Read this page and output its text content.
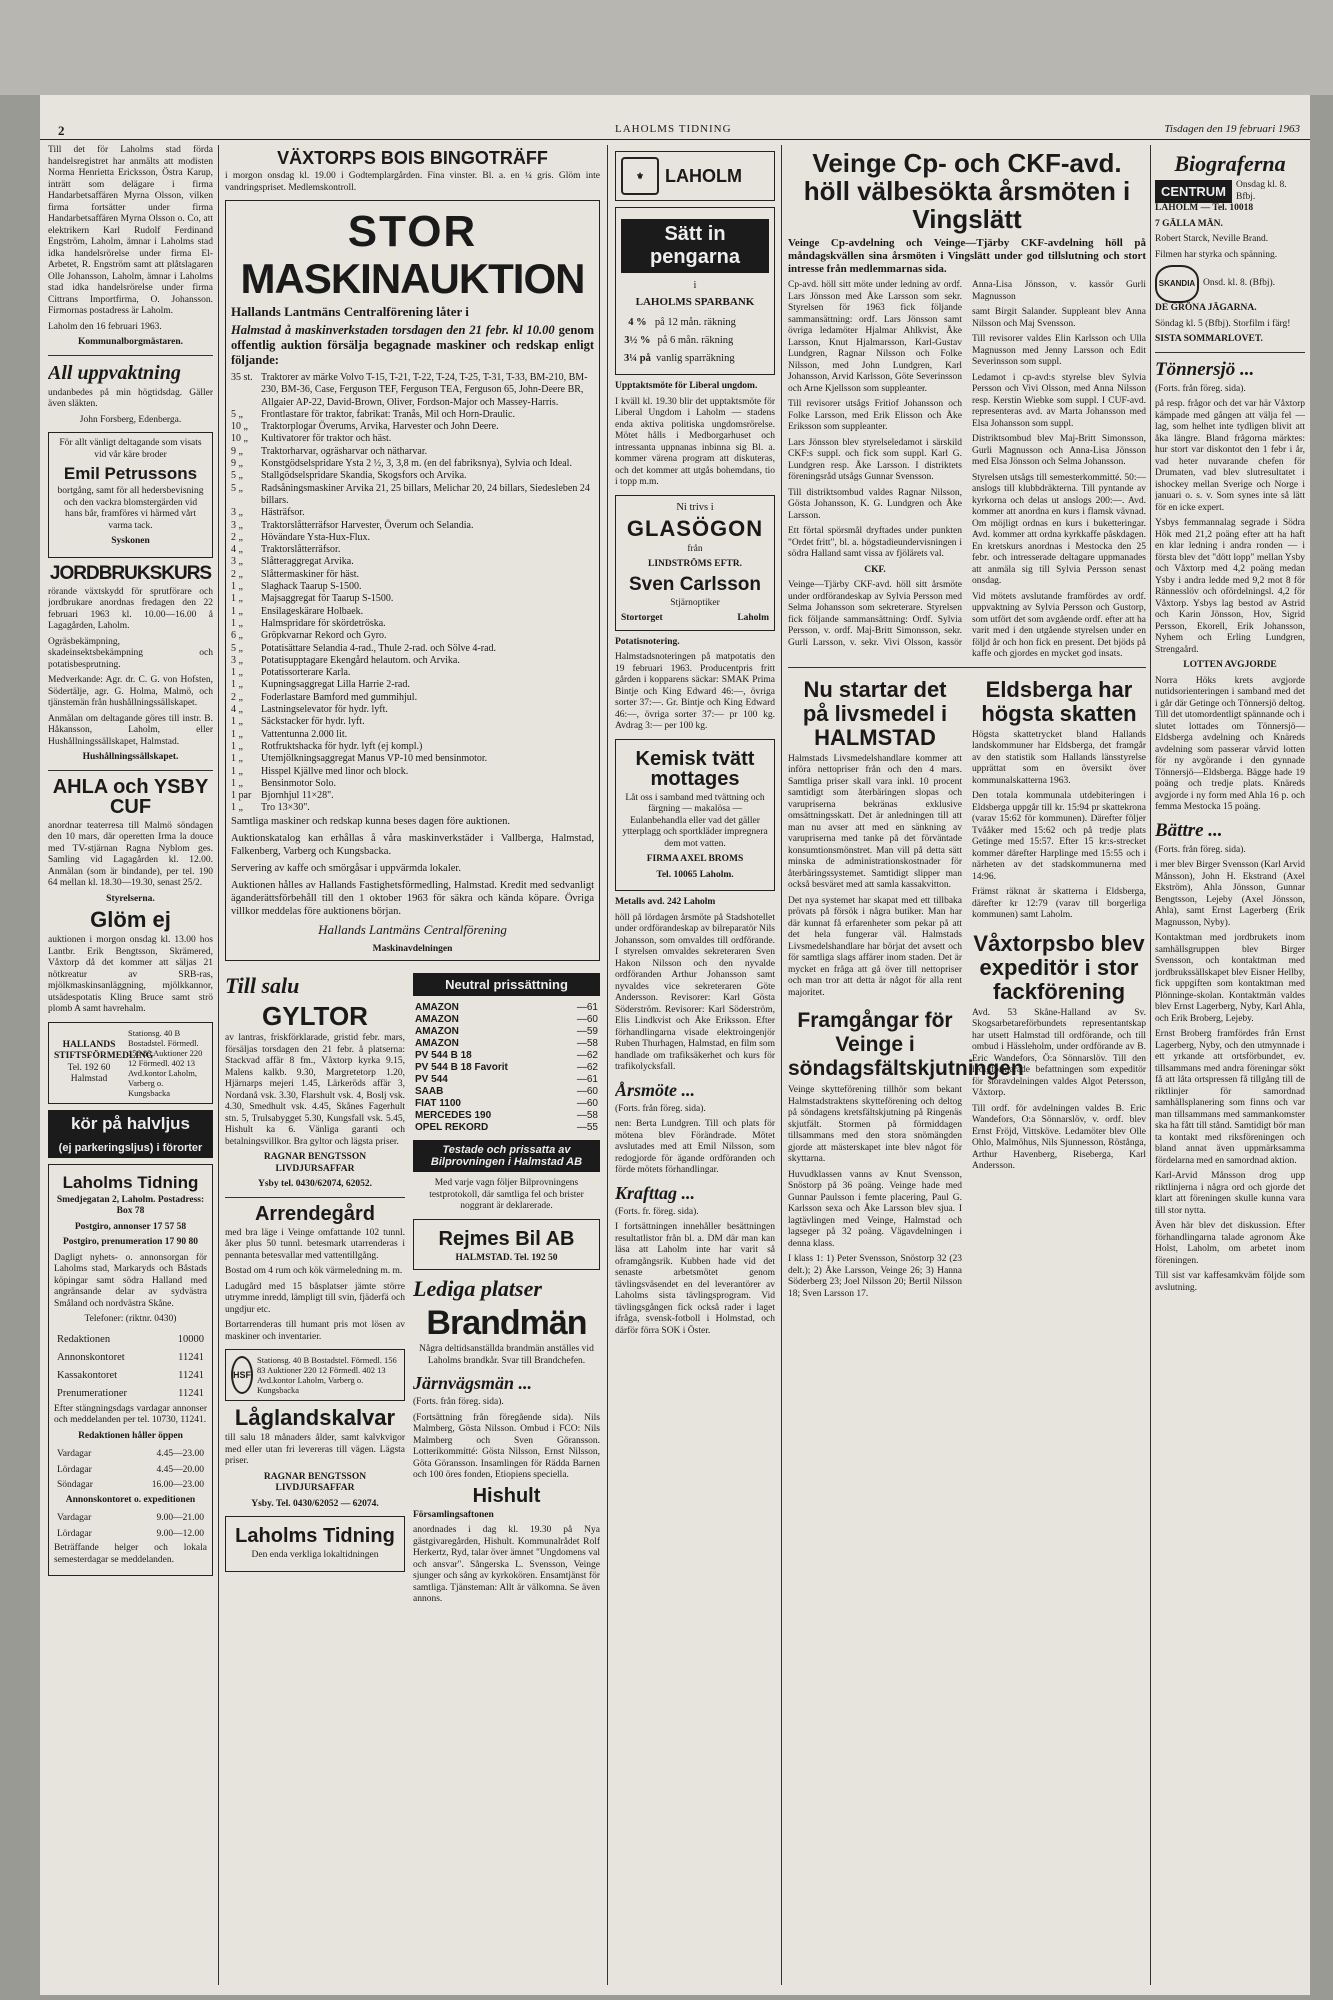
2	LAHOLMS TIDNING	Tisdagen den 19 februari 1963

Till det för Laholms stad förda handelsregistret har anmälts att modisten Norma Henrietta Ericksson, Östra Karup, inträtt som delägare i firma Handarbetsaffären Myrna Olsson, vilken firma fortsätter under firma Handarbetsaffären Myrna Olsson o. Co, att elektrikern Karl Rudolf Ferdinand Engström, Laholm, ämnar i Laholms stad idka handelsrörelse under firma El-Arbetet, R. Engström samt att plåtslagaren Olle Johansson, Laholm, ämnar i Laholms stad idka handelsrörelse under firma Cittrans Importfirma, O. Johansson. Firmornas postadress är Laholm.

Laholm den 16 februari 1963.

Kommunalborgmästaren.

All uppvaktning

undanbedes på min högtidsdag. Gäller även släkten.

John Forsberg, Edenberga.

För allt vänligt deltagande som visats vid vår käre broder

Emil Petrussons

bortgång, samt för all hedersbevisning och den vackra blomstergärden vid hans bår, framföres vi härmed vårt varma tack.

Syskonen

JORDBRUKSKURS

rörande växtskydd för sprutförare och jordbrukare anordnas fredagen den 22 februari 1963 kl. 10.00—16.00 å Lagagården, Laholm.

Ogräsbekämpning, skadeinsektsbekämpning och potatisbesprutning.

Medverkande: Agr. dr. C. G. von Hofsten, Södertälje, agr. G. Holma, Malmö, och tjänstemän från hushållningssällskapet.

Anmälan om deltagande göres till instr. B. Håkansson, Laholm, eller Hushållningssällskapet, Halmstad.

Hushållningssällskapet.

AHLA och YSBY CUF

anordnar teaterresa till Malmö söndagen den 10 mars, där operetten Irma la douce med TV-stjärnan Ragna Nyblom ges. Samling vid Lagagården kl. 12.00. Anmälan (som är bindande), per tel. 190 64 mellan kl. 18.30—19.30, senast 25/2.

Styrelserna.

Glöm ej

auktionen i morgon onsdag kl. 13.00 hos Lantbr. Erik Bengtsson, Skrämered, Våxtorp då det kommer att säljas 21 nötkreatur av SRB-ras, mjölkmaskinsanläggning, mjölkkannor, utsädespotatis Kling Bruce samt strö plomb A samt havrehalm.

HALLANDS STIFTSFÖRMEDLING
Tel. 192 60 Halmstad
Stationsg. 40 B Bostadstel. Förmedl. 156 83 Auktioner 220 12 Förmedl. 402 13 Avd.kontor Laholm, Varberg o. Kungsbacka
kör på halvljus
(ej parkeringsljus) i förorter
Laholms Tidning

Smedjegatan 2, Laholm. Postadress: Box 78

Postgiro, annonser 17 57 58

Postgiro, prenumeration 17 90 80

Dagligt nyhets- o. annonsorgan för Laholms stad, Markaryds och Båstads köpingar samt södra Halland med angränsande delar av sydvästra Småland och nordvästra Skåne.

Telefoner: (riktnr. 0430)

Redaktionen	10000
Annonskontoret	11241
Kassakontoret	11241
Prenumerationer	11241

Efter stängningsdags vardagar annonser och meddelanden per tel. 10730, 11241.

Redaktionen håller öppen

Vardagar	4.45—23.00
Lördagar	4.45—20.00
Söndagar	16.00—23.00

Annonskontoret o. expeditionen

Vardagar	9.00—21.00
Lördagar	9.00—12.00

Beträffande helger och lokala semesterdagar se meddelanden.

VÄXTORPS BOIS BINGOTRÄFF

i morgon onsdag kl. 19.00 i Godtemplargården. Fina vinster. Bl. a. en ¼ gris. Glöm inte vandringspriset. Medlemskontroll.

STOR
MASKINAUKTION

Hallands Lantmäns Centralförening låter i

Halmstad å maskinverkstaden torsdagen den 21 febr. kl 10.00 genom offentlig auktion försälja begagnade maskiner och redskap enligt följande:

35 st. Traktorer av märke Volvo T-15, T-21, T-22, T-24, T-25, T-31, T-33, BM-210, BM-230, BM-36, Case, Ferguson TEF, Ferguson TEA, Ferguson 65, John-Deere BR, Allgaier AP-22, David-Brown, Oliver, Fordson-Major och Massey-Harris.
5 „	Frontlastare för traktor, fabrikat: Tranås, Mil och Horn-Draulic.
10 „	Traktorplogar Överums, Arvika, Harvester och John Deere.
10 „	Kultivatorer för traktor och häst.
9 „	Traktorharvar, ogräsharvar och nätharvar.
9 „	Konstgödselspridare Ysta 2 ½, 3, 3,8 m. (en del fabriksnya), Sylvia och Ideal.
5 „	Stallgödselspridare Skandia, Skogsfors och Arvika.
5 „	Radsåningsmaskiner Arvika 21, 25 billars, Melichar 20, 24 billars, Siedesleben 24 billars.
3 „	Hästräfsor.
3 „	Traktorslåtterräfsor Harvester, Överum och Selandia.
2 „	Hövändare Ysta-Hux-Flux.
4 „	Traktorslåtterräfsor.
3 „	Slåtteraggregat Arvika.
2 „	Slåttermaskiner för häst.
1 „	Slaghack Taarup S-1500.
1 „	Majsaggregat för Taarup S-1500.
1 „	Ensilageskärare Holbaek.
1 „	Halmspridare för skördetröska.
6 „	Gröpkvarnar Rekord och Gyro.
5 „	Potatisättare Selandia 4-rad., Thule 2-rad. och Sölve 4-rad.
3 „	Potatisupptagare Ekengård helautom. och Arvika.
1 „	Potatissorterare Karla.
1 „	Kupningsaggregat Lilla Harrie 2-rad.
2 „	Foderlastare Bamford med gummihjul.
4 „	Lastningselevator för hydr. lyft.
1 „	Säckstacker för hydr. lyft.
1 „	Vattentunna 2.000 lit.
1 „	Rotfruktshacka för hydr. lyft (ej kompl.)
1 „	Utemjölkningsaggregat Manus VP-10 med bensinmotor.
1 „	Hisspel Kjällve med linor och block.
1 „	Bensinmotor Solo.
1 par Bjornhjul 11×28".
1 „	Tro 13×30".

Samtliga maskiner och redskap kunna beses dagen före auktionen.

Auktionskatalog kan erhållas å våra maskinverkstäder i Vallberga, Halmstad, Falkenberg, Varberg och Kungsbacka.

Servering av kaffe och smörgåsar i uppvärmda lokaler.

Auktionen hålles av Hallands Fastighetsförmedling, Halmstad. Kredit med sedvanligt äganderättsförbehåll till den 1 oktober 1963 för säkra och kända köpare. Övriga villkor meddelas före auktionens början.

Hallands Lantmäns Centralförening
Maskinavdelningen
Till salu
GYLTOR

av lantras, friskförklarade, gristid febr. mars, försäljas torsdagen den 21 febr. å platserna: Stackvad affär 8 fm., Våxtorp kyrka 9.15, Malens kalkb. 9.30, Margretetorp 1.20, Hjärnarps mejeri 1.45, Lärkeröds affär 3, Nordanå vsk. 3.30, Flarshult vsk. 4, Boslj vsk. 4.30, Smedhult vsk. 4.45, Skånes Fagerhult stn. 5, Trulsabygget 5.30, Kungsfall vsk. 5.45, Hishult ka 6. Vänliga garanti och betalningsvillkor. Bra gyltor och lägsta priser.

RAGNAR BENGTSSON LIVDJURSAFFAR

Ysby tel. 0430/62074, 62052.

Arrendegård

med bra läge i Veinge omfattande 102 tunnl. åker plus 50 tunnl. betesmark utarrenderas i pennanta betesvallar med vattentillgång.

Bostad om 4 rum och kök värmeledning m. m.

Ladugård med 15 båsplatser jämte större utrymme inredd, lämpligt till svin, fjäderfä och ungdjur etc.

Bortarrenderas till humant pris mot lösen av maskiner och inventarier.

HSF
Stationsg. 40 B Bostadstel. Förmedl. 156 83 Auktioner 220 12 Förmedl. 402 13 Avd.kontor Laholm, Varberg o. Kungsbacka
Låglandskalvar

till salu 18 månaders ålder, samt kalvkvigor med eller utan fri levereras till vägen. Lägsta priser.

RAGNAR BENGTSSON LIVDJURSAFFAR

Ysby. Tel. 0430/62052 — 62074.

Laholms Tidning

Den enda verkliga lokaltidningen

Neutral prissättning
AMAZON	—61
AMAZON	—60
AMAZON	—59
AMAZON	—58
PV 544 B 18	—62
PV 544 B 18 Favorit	—62
PV 544	—61
SAAB	—60
FIAT 1100	—60
MERCEDES 190	—58
OPEL REKORD	—55
Testade och prissatta av Bilprovningen i Halmstad AB

Med varje vagn följer Bilprovningens testprotokoll, där samtliga fel och brister noggrant är deklarerade.

Rejmes Bil AB
HALMSTAD. Tel. 192 50
Lediga platser
Brandmän

Några deltidsanställda brandmän anställes vid Laholms brandkår. Svar till Brandchefen.

Järnvägsmän ...

(Forts. från föreg. sida).

(Fortsättning från föregående sida). Nils Malmberg, Gösta Nilsson. Ombud i FCO: Nils Malmberg och Sven Göransson. Lotterikommitté: Gösta Nilsson, Ernst Nilsson, Göta Göransson. Insamlingen för Rädda Barnen och 100 öres fonden, Etiopiens speciella.

Hishult

Församlingsaftonen

anordnades i dag kl. 19.30 på Nya gästgivaregården, Hishult. Kommunalrådet Rolf Herkertz, Ryd, talar över ämnet "Ungdomens val och ansvar". Sångerska L. Svensson, Veinge sjunger och sång av kyrkokören. Ensamtjänst för samtliga. Tjänsteman: Allt är välkomna. Se även annons.

⚜	LAHOLM
Sätt in pengarna

i

LAHOLMS SPARBANK

4 %	på 12 mån. räkning
3½ %	på 6 mån. räkning
3¼ på	vanlig sparräkning

Upptaktsmöte för Liberal ungdom.

I kväll kl. 19.30 blir det upptaktsmöte för Liberal Ungdom i Laholm — stadens enda aktiva politiska ungdomsrörelse. Mötet hålls i Medborgarhuset och intressanta uppnanas inbinna sig Bl. a. kommer värena program att diskuteras, och det kommer att utgås bohemdans, tio i topp m.m.

Ni trivs i

GLASÖGON

från

LINDSTRÖMS EFTR.

Sven Carlsson

Stjärnoptiker

Stortorget	Laholm

Potatisnotering.

Halmstadsnoteringen på matpotatis den 19 februari 1963. Producentpris fritt gården i kopparens säckar: SMAK Prima Bintje och King Edward 46:—, övriga sorter 37:—. Gr. Bintje och King Edward 46:—, övriga sorter 37:— pr 100 kg. Avdrag 3:— per 100 kg.

Kemisk tvätt mottages

Låt oss i samband med tvättning och färgning — makalösa — Eulanbehandla eller vad det gäller ytterplagg och sportkläder impregnera dem mot vatten.

FIRMA AXEL BROMS

Tel. 10065 Laholm.

Metalls avd. 242 Laholm

höll på lördagen årsmöte på Stadshotellet under ordförandeskap av bilreparatör Nils Johansson, som omvaldes till ordförande. I styrelsen omvaldes sekreteraren Sven Hakon Nilsson och den nyvalde ordföranden Arthur Johansson samt nyvaldes vice sekreteraren Göte Andersson. Revisorer: Karl Gösta Söderström. Revisorer: Karl Söderström, Elis Lindkvist och Åke Eriksson. Efter förhandlingarna visade elektroingenjör Ruben Thurhagen, Halmstad, en film som handlade om trafiksäkerhet och kurs för trafikolycksfall.

Årsmöte ...

(Forts. från föreg. sida).

nen: Berta Lundgren. Till och plats för mötena blev Förändrade. Mötet avslutades med att Emil Nilsson, som redogjorde för ägande ordföranden och förde mötets förhandlingar.

Krafttag ...

(Forts. fr. föreg. sida).

I fortsättningen innehåller besättningen resultatlistor från bl. a. DM där man kan läsa att Laholm inte har varit så oframgångsrik. Kubben hade vid det senaste arbetsmötet genom tävlingsväsendet en del leverantörer av Laholms sista tävlingsprogram. Vid tävlingsgången fick också rader i laget ifråga, svensk-fotboll i Holmstad, och därför förra SOK i Öster.

Veinge Cp- och CKF-avd. höll välbesökta årsmöten i Vingslätt

Veinge Cp-avdelning och Veinge—Tjärby CKF-avdelning höll på måndagskvällen sina årsmöten i Vingslätt under god tillslutning och stort intresse från medlemmarnas sida.

Cp-avd. höll sitt möte under ledning av ordf. Lars Jönsson med Åke Larsson som sekr. Styrelsen för 1963 fick följande sammansättning: ordf. Lars Jönsson samt övriga ledamöter Hjalmar Ahlkvist, Åke Larsson, Knut Hjalmarsson, Karl-Gustav Lundgren, Ragnar Nilsson och Folke Nilsson, med John Lundgren, Karl Johansson, Arvid Karlsson, Göte Severinsson och Arne Kjellsson som suppleanter.

Till revisorer utsågs Fritiof Johansson och Folke Larsson, med Erik Elisson och Åke Eriksson som suppleanter.

Lars Jönsson blev styrelseledamot i särskild CKF:s suppl. och fick som suppl. Karl G. Lundgren resp. Åke Larsson. I distriktets föreningsråd utsågs Gunnar Svensson.

Till distriktsombud valdes Ragnar Nilsson, Gösta Johansson, K. G. Lundgren och Åke Larsson.

Ett förtal spörsmål dryftades under punkten "Ordet fritt", bl. a. högstadieundervisningen i södra Halland samt vissa av fjölärets val.

CKF.

Veinge—Tjärby CKF-avd. höll sitt årsmöte under ordförandeskap av Sylvia Persson med Selma Johansson som sekreterare. Styrelsen fick följande sammansättning: Ordf. Sylvia Persson, v. ordf. Maj-Britt Simonsson, sekr. Gurli Larsson, v. sekr. Vivi Olsson, kassör Anna-Lisa Jönsson, v. kassör Gurli Magnusson

samt Birgit Salander. Suppleant blev Anna Nilsson och Maj Svensson.

Till revisorer valdes Elin Karlsson och Ulla Magnusson med Jenny Larsson och Edit Severinsson som suppl.

Ledamot i cp-avd:s styrelse blev Sylvia Persson och Vivi Olsson, med Anna Nilsson resp. Kerstin Wiebke som suppl. I CUF-avd. representeras avd. av Marta Johansson med Elsa Johansson som suppl.

Distriktsombud blev Maj-Britt Simonsson, Gurli Magnusson och Anna-Lisa Jönsson med Elsa Jönsson och Selma Johansson.

Styrelsen utsågs till semesterkommitté. 50:— anslogs till klubbdräkterna. Till pyntande av kyrkorna och delas ut anslogs 200:—. Avd. kommer att anordna en kurs i flamsk vävnad. Om möjligt ordnas en kurs i buketteringar. Avd. kommer att ordna kyrkkaffe påskdagen. En kretskurs anordnas i Mestocka den 25 febr. och intresserade deltagare uppmanades att anmäla sig till Sylvia Persson senast onsdag.

Vid mötets avslutande framfördes av ordf. uppvaktning av Sylvia Persson och Gustorp, som utfört det som avgående ordf. efter att ha varit med i den utgående styrelsen under en följd år och hon fick en present. Det bjöds på kaffe och gjordes en mycket god insats.

Nu startar det på livsmedel i HALMSTAD

Halmstads Livsmedelshandlare kommer att införa nettopriser från och den 4 mars. Samtliga priser skall vara inkl. 10 procent samtidigt som återbäringen slopas och varupriserna bekränas exklusive omsättningsskatt. Det är anledningen till att man nu avser att med en sänkning av varupriserna med tanke på det förväntade konsumtionsmönstret. Man vill på detta sätt minska de administrationskostnader för återbäringssystemet. Samtidigt slipper man också besväret med att samla kassakvitton.

Det nya systemet har skapat med ett tillbaka prövats på försök i några butiker. Man har där kunnat få erfarenheter som pekar på att det hela fungerar väl. Halmstads Livsmedelshandlare har börjat det avsett och för samtliga slags affärer inom staden. Det är mycket en fråga att gå över till nettopriser och man tror att detta är något för alla rent majoritet.

Framgångar för Veinge i söndagsfältskjutningen

Veinge skytteförening tillhör som bekant Halmstadstraktens skytteförening och deltog på söndagens kretsfältskjutning på Ringenäs skjutfält. Stormen på förmiddagen tillsammans med den stora snömängden gjorde att mästerskapet inte blev något för skyttarna.

Huvudklassen vanns av Knut Svensson, Snöstorp på 36 poäng. Veinge hade med Gunnar Paulsson i femte placering, Paul G. Karlsson sexa och Åke Larsson blev sjua. I lagtävlingen med Veinge, Halmstad och lagseger på 32 poäng. Vägavdelningen i denna klass.

I klass 1: 1) Peter Svensson, Snöstorp 32 (23 delt.); 2) Åke Larsson, Veinge 26; 3) Hanna Söderberg 23; Joel Nilsson 20; Bertil Nilsson 18; Sven Larsson 17.

Eldsberga har högsta skatten

Högsta skattetrycket bland Hallands landskommuner har Eldsberga, det framgår av den statistik som Hallands länsstyrelse upprättat som en översikt över kommunalskatterna 1963.

Den totala kommunala utdebiteringen i Eldsberga uppgår till kr. 15:94 pr skattekrona (varav 15:62 för kommunen). Därefter följer Tvååker med 15:62 och på tredje plats Getinge med 15:57. Efter 15 kr:s-strecket kommer därefter Harplinge med 15:55 och i närheten av det stadskommunerna med 14:96.

Främst räknat är skatterna i Eldsberga, därefter kr 12:79 (varav till borgerliga kommunen) samt Laholm.

Våxtorpsbo blev expeditör i stor fackförening

Avd. 53 Skåne-Halland av Sv. Skogsarbetareförbundets representantskap har utsett Halmstad till ordförande, och till ombud i Hässleholm, under ordförande av B. Eric Wandefors, Ö:a Sönnarslöv. Till den ledigförklarade befattningen som expeditör för storavdelningen valdes Algot Petersson, Våxtorp.

Till ordf. för avdelningen valdes B. Eric Wandefors, O:a Sönnarslöv, v. ordf. blev Ernst Fröjd, Vittsköve. Ledamöter blev Olle Ohlo, Malmöhus, Nils Sjunnesson, Röstånga, Arthur Havenberg, Riseberga, Karl Andersson.

Biograferna
CENTRUM	Onsdag kl. 8. Bfbj.

LAHOLM — Tel. 10018

7 GÄLLA MÄN.

Robert Starck, Neville Brand.

Filmen har styrka och spänning.

SKANDIA Onsd. kl. 8. (Bfbj).

DE GRÖNA JÄGARNA.

Söndag kl. 5 (Bfbj). Storfilm i färg!

SISTA SOMMARLOVET.

Tönnersjö ...

(Forts. från föreg. sida).

på resp. frågor och det var här Våxtorp kämpade med gången att välja fel — lag, som helhet inte tydligen blivit att åka längre. Bland frågorna märktes: hur stort var diskontot den 1 febr i år, vad heter nuvarande chefen för Drumaten, vad blev slutresultatet i ishockey mellan Sverige och Norge i januari o. s. v. Som synes inte så lätt för en icke expert.

Ysbys femmannalag segrade i Södra Hök med 21,2 poäng efter att ha haft en klar ledning i andra ronden — i första blev det "dött lopp" mellan Ysby och Våxtorp med 4,2 poäng medan Ysby i andra ledde med 9,2 mot 8 för Rännesslöv och ofördelningsl. 4,2 för Våxtorp. Ysbys lag bestod av Astrid och Karin Jönsson, Hov, Sigrid Persson, Ekorell, Erik Johansson, Nyhem och Erling Lundgren, Strengaård.

LOTTEN AVGJORDE

Norra Höks krets avgjorde nutidsorienteringen i samband med det i går där Getinge och Tönnersjö deltog. Till det utomordentligt spännande och i slutet lottades om Tönnersjö—Eldsberga avdelning och Knäreds avdelning som passerar vårvid lotten för ny avgörande i den gynnade Tönnersjö—Eldsberga. Bägge hade 19 poäng och tredje plats. Knäreds avgjorde i ny form med Ahla 16 p. och femma Mestocka 15 poäng.

Bättre ...

(Forts. från föreg. sida).

i mer blev Birger Svensson (Karl Arvid Månsson), John H. Ekstrand (Axel Ekström), Ahla Jönsson, Gunnar Bengtsson, Lejeby (Axel Jönsson, Ahla), samt Ernst Lagerberg (Erik Magnusson, Nyby).

Kontaktman med jordbrukets inom samhällsgruppen blev Birger Svensson, och kontaktman med jordbrukssällskapet blev Eisner Hellby, fick uppgiften som kontaktman med Plönninge-skolan. Kontaktmän valdes blev Ernst Lagerberg, Nyby, Karl Ahla, och Erik Broberg, Lejeby.

Ernst Broberg framfördes från Ernst Lagerberg, Nyby, och den utmynnade i ett yrkande att ortsförbundet, ev. tillsammans med andra föreningar sökt få att låta ortspressen få tillgång till de riktlinjer för samordnad samhällsplanering som finns och var man tillsammans med sammankomster ska ha fått till stånd. Samtidigt bör man ta kontakt med riksföreningen och bland annat även uppmärksamma fördelarna med en samordnad aktion.

Karl-Arvid Månsson drog upp riktlinjerna i några ord och gjorde det klart att föreningen skulle kunna vara till stor nytta.

Även här blev det diskussion. Efter förhandlingarna talade agronom Åke Holst, Laholm, om arbetet inom föreningen.

Till sist var kaffesamkväm följde som avslutning.
